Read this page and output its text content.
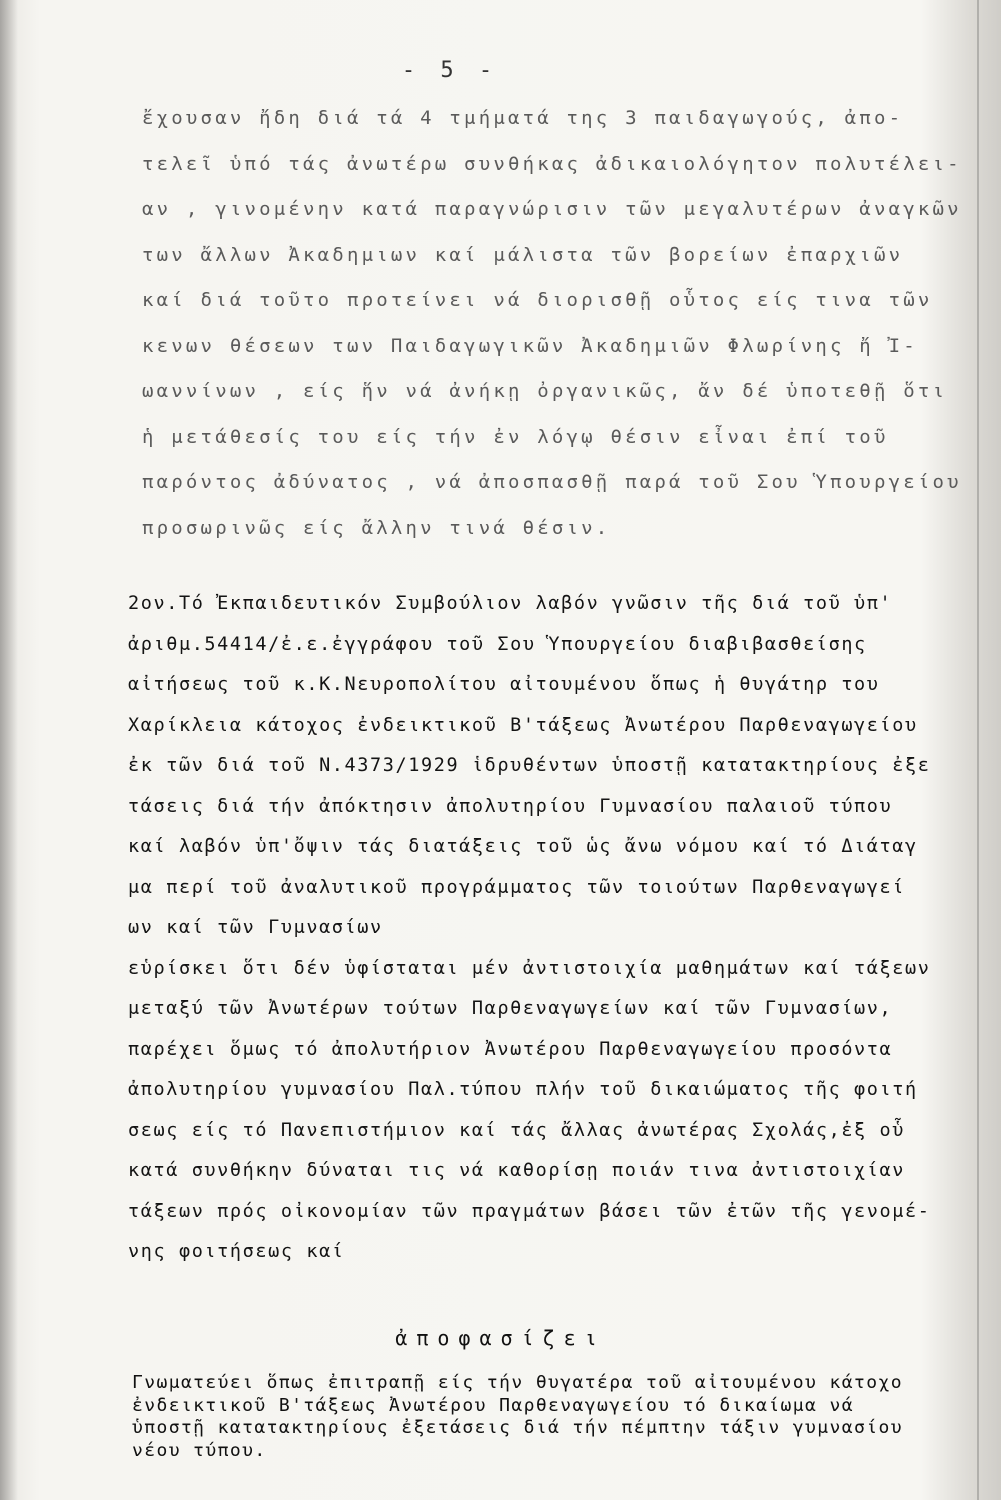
- 5 -
ἔχουσαν ἤδη διά τά 4 τμήματά της 3 παιδαγωγούς, ἀπο-
τελεῖ ὑπό τάς ἀνωτέρω συνθήκας ἀδικαιολόγητον πολυτέλει-
αν , γινομένην κατά παραγνώρισιν τῶν μεγαλυτέρων ἀναγκῶν
των ἄλλων Ἀκαδημιων καί μάλιστα τῶν βορείων ἐπαρχιῶν
καί διά τοῦτο προτείνει νά διορισθῇ οὗτος είς τινα τῶν
κενων θέσεων των Παιδαγωγικῶν Ἀκαδημιῶν Φλωρίνης ἤ Ἰ-
ωαννίνων , είς ἥν νά ἀνήκῃ ὀργανικῶς, ἄν δέ ὑποτεθῇ ὅτι
ἡ μετάθεσίς του είς τήν ἐν λόγῳ θέσιν εἶναι ἐπί τοῦ
παρόντος ἀδύνατος , νά ἀποσπασθῇ παρά τοῦ Σου Ὑπουργείου
προσωρινῶς είς ἄλλην τινά θέσιν.
2ον.Τό Ἐκπαιδευτικόν Συμβούλιον λαβόν γνῶσιν τῆς διά τοῦ ὑπ'
ἀριθμ.54414/ἐ.ε.ἐγγράφου τοῦ Σου Ὑπουργείου διαβιβασθείσης
αἰτήσεως τοῦ κ.Κ.Νευροπολίτου αἰτουμένου ὅπως ἡ θυγάτηρ του
Χαρίκλεια κάτοχος ἐνδεικτικοῦ Β'τάξεως Ἀνωτέρου Παρθεναγωγείου
ἐκ τῶν διά τοῦ Ν.4373/1929 ἱδρυθέντων ὑποστῇ κατατακτηρίους ἐξε
τάσεις διά τήν ἀπόκτησιν ἀπολυτηρίου Γυμνασίου παλαιοῦ τύπου
καί λαβόν ὑπ'ὄψιν τάς διατάξεις τοῦ ὡς ἄνω νόμου καί τό Διάταγ
μα περί τοῦ ἀναλυτικοῦ προγράμματος τῶν τοιούτων Παρθεναγωγεί
ων καί τῶν Γυμνασίων
εὑρίσκει ὅτι δέν ὑφίσταται μέν ἀντιστοιχία μαθημάτων καί τάξεων
μεταξύ τῶν Ἀνωτέρων τούτων Παρθεναγωγείων καί τῶν Γυμνασίων,
παρέχει ὅμως τό ἀπολυτήριον Ἀνωτέρου Παρθεναγωγείου προσόντα
ἀπολυτηρίου γυμνασίου Παλ.τύπου πλήν τοῦ δικαιώματος τῆς φοιτή
σεως είς τό Πανεπιστήμιον καί τάς ἄλλας ἀνωτέρας Σχολάς,ἐξ οὗ
κατά συνθήκην δύναται τις νά καθορίσῃ ποιάν τινα ἀντιστοιχίαν
τάξεων πρός οἰκονομίαν τῶν πραγμάτων βάσει τῶν ἐτῶν τῆς γενομέ-
νης φοιτήσεως καί
ἀποφασίζει
Γνωματεύει ὅπως ἐπιτραπῇ είς τήν θυγατέρα τοῦ αἰτουμένου κάτοχο
ἐνδεικτικοῦ Β'τάξεως Ἀνωτέρου Παρθεναγωγείου τό δικαίωμα νά
ὑποστῇ κατατακτηρίους ἐξετάσεις διά τήν πέμπτην τάξιν γυμνασίου
νέου τύπου.
